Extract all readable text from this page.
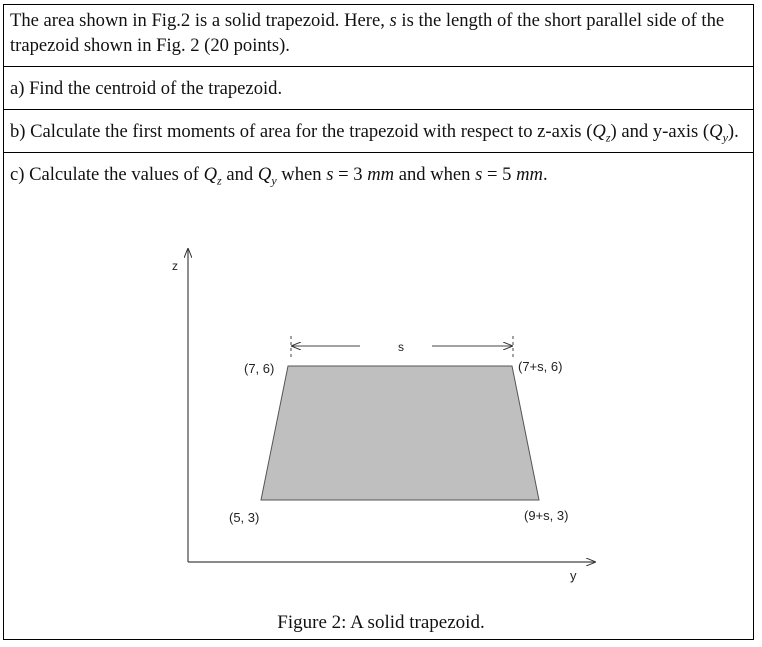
The area shown in Fig.2 is a solid trapezoid. Here, s is the length of the short parallel side of the trapezoid shown in Fig. 2 (20 points).

a) Find the centroid of the trapezoid.

b) Calculate the first moments of area for the trapezoid with respect to z-axis $(Q_z)$ and y-axis $(Q_y)$.

c) Calculate the values of $Q_z$ and $Q_y$ when s = 3 mm and when s = 5 mm.

z
y
s
(7, 6)	(7+s, 6)
(5, 3)	(9+s, 3)
Figure 2: A solid trapezoid.
